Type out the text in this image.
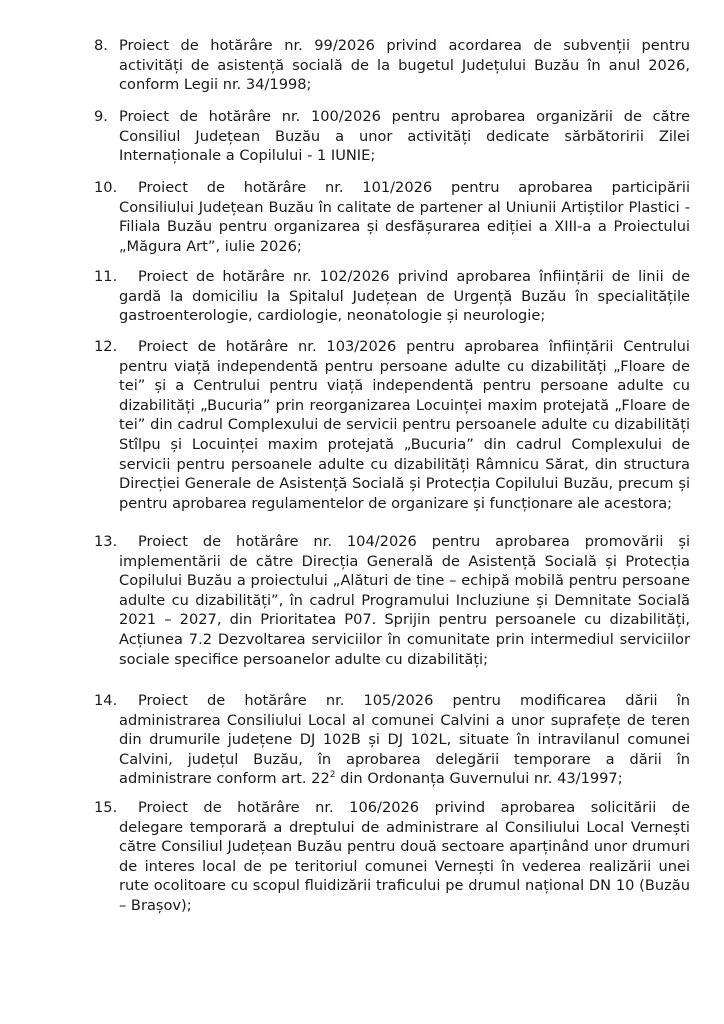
8. Proiect de hotărâre nr. 99/2026 privind acordarea de subvenții pentru
activități de asistență socială de la bugetul Județului Buzău în anul 2026, conform Legii nr. 34/1998;
9. Proiect de hotărâre nr. 100/2026 pentru aprobarea organizării de către
Consiliul Județean Buzău a unor activități dedicate sărbătoririi Zilei Internaționale a Copilului - 1 IUNIE;
10.	Proiect de hotărâre nr. 101/2026 pentru aprobarea participării
Consiliului Județean Buzău în calitate de partener al Uniunii Artiștilor Plastici - Filiala Buzău pentru organizarea și desfășurarea ediției a XIII-a a Proiectului „Măgura Art”, iulie 2026;
11.	Proiect de hotărâre nr. 102/2026 privind aprobarea înființării de linii de
gardă la domiciliu la Spitalul Județean de Urgență Buzău în specialitățile gastroenterologie, cardiologie, neonatologie și neurologie;
12.	Proiect de hotărâre nr. 103/2026 pentru aprobarea înființării Centrului
pentru viață independentă pentru persoane adulte cu dizabilități „Floare de tei” și a Centrului pentru viață independentă pentru persoane adulte cu dizabilități „Bucuria” prin reorganizarea Locuinței maxim protejată „Floare de tei” din cadrul Complexului de servicii pentru persoanele adulte cu dizabilități Stîlpu și Locuinței maxim protejată „Bucuria” din cadrul Complexului de servicii pentru persoanele adulte cu dizabilități Râmnicu Sărat, din structura Direcției Generale de Asistență Socială și Protecția Copilului Buzău, precum și pentru aprobarea regulamentelor de organizare și funcționare ale acestora;
13.	Proiect de hotărâre nr. 104/2026 pentru aprobarea promovării și
implementării de către Direcția Generală de Asistență Socială și Protecția Copilului Buzău a proiectului „Alături de tine – echipă mobilă pentru persoane adulte cu dizabilități”, în cadrul Programului Incluziune și Demnitate Socială 2021 – 2027, din Prioritatea P07. Sprijin pentru persoanele cu dizabilități, Acțiunea 7.2 Dezvoltarea serviciilor în comunitate prin intermediul serviciilor sociale specifice persoanelor adulte cu dizabilități;
14.	Proiect de hotărâre nr. 105/2026 pentru modificarea dării în
administrarea Consiliului Local al comunei Calvini a unor suprafețe de teren din drumurile județene DJ 102B și DJ 102L, situate în intravilanul comunei Calvini, județul Buzău, în aprobarea delegării temporare a dării în administrare conform art. $22^2$ din Ordonanța Guvernului nr. 43/1997;
15.	Proiect de hotărâre nr. 106/2026 privind aprobarea solicitării de
delegare temporară a dreptului de administrare al Consiliului Local Vernești către Consiliul Județean Buzău pentru două sectoare aparținând unor drumuri de interes local de pe teritoriul comunei Vernești în vederea realizării unei rute ocolitoare cu scopul fluidizării traficului pe drumul național DN 10 (Buzău – Brașov);
